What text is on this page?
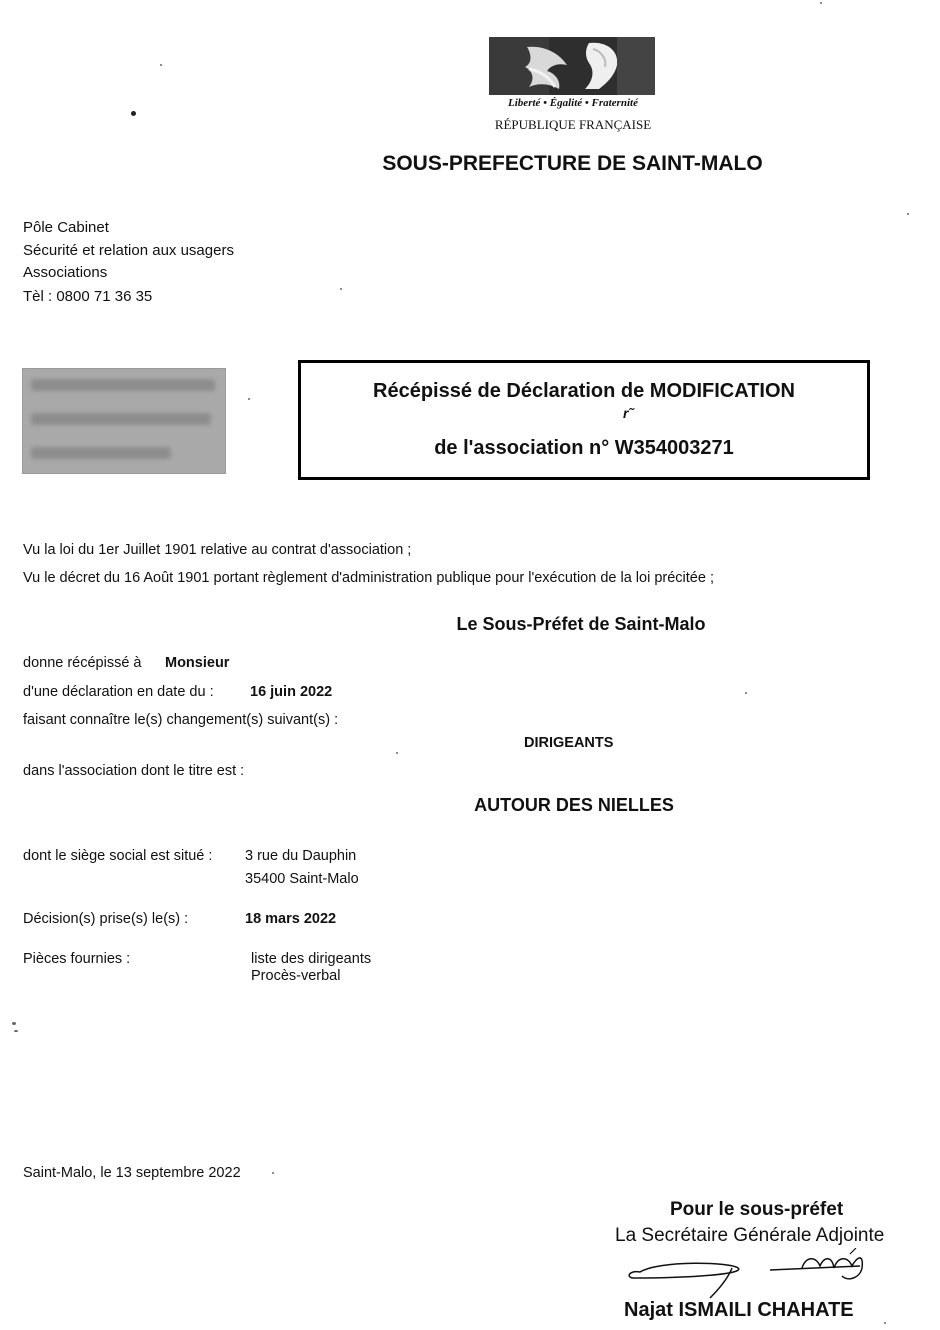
Liberté • Égalité • Fraternité
RÉPUBLIQUE FRANÇAISE
SOUS-PREFECTURE DE SAINT-MALO
Pôle Cabinet
Sécurité et relation aux usagers
Associations
Tèl : 0800 71 36 35
Récépissé de Déclaration de MODIFICATION
r˜
de l'association n° W354003271
Vu la loi du 1er Juillet 1901 relative au contrat d'association ;
Vu le décret du 16 Août 1901 portant règlement d'administration publique pour l'exécution de la loi précitée ;
Le Sous-Préfet de Saint-Malo
donne récépissé à Monsieur
d'une déclaration en date du :	16 juin 2022
faisant connaître le(s) changement(s) suivant(s) :
DIRIGEANTS
dans l'association dont le titre est :
AUTOUR DES NIELLES
dont le siège social est situé : 3 rue du Dauphin
35400 Saint-Malo
Décision(s) prise(s) le(s) :	18 mars 2022
Pièces fournies :	liste des dirigeants
Procès-verbal
Saint-Malo, le 13 septembre 2022
Pour le sous-préfet
La Secrétaire Générale Adjointe
Najat ISMAILI CHAHATE
